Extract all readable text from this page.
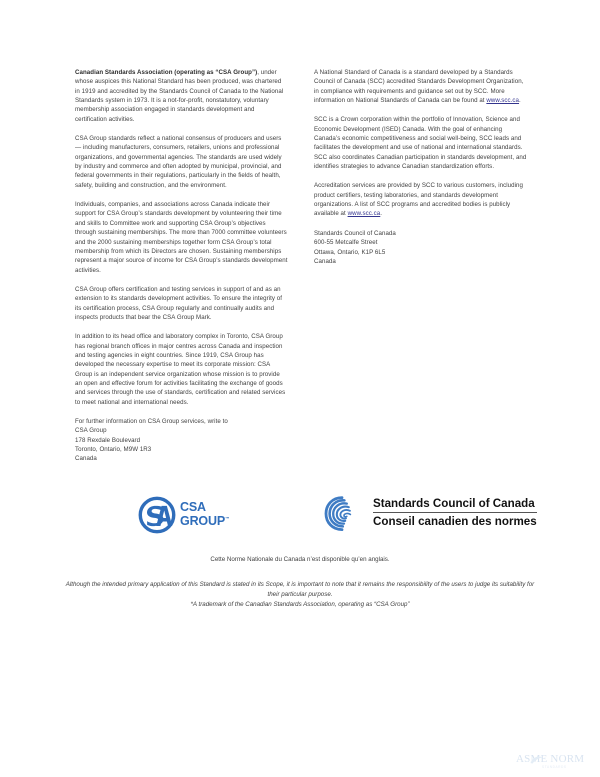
Canadian Standards Association (operating as “CSA Group”), under whose auspices this National Standard has been produced, was chartered in 1919 and accredited by the Standards Council of Canada to the National Standards system in 1973. It is a not-for-profit, nonstatutory, voluntary membership association engaged in standards development and certification activities.

CSA Group standards reflect a national consensus of producers and users — including manufacturers, consumers, retailers, unions and professional organizations, and governmental agencies. The standards are used widely by industry and commerce and often adopted by municipal, provincial, and federal governments in their regulations, particularly in the fields of health, safety, building and construction, and the environment.

Individuals, companies, and associations across Canada indicate their support for CSA Group’s standards development by volunteering their time and skills to Committee work and supporting CSA Group’s objectives through sustaining memberships. The more than 7000 committee volunteers and the 2000 sustaining memberships together form CSA Group’s total membership from which its Directors are chosen. Sustaining memberships represent a major source of income for CSA Group’s standards development activities.

CSA Group offers certification and testing services in support of and as an extension to its standards development activities. To ensure the integrity of its certification process, CSA Group regularly and continually audits and inspects products that bear the CSA Group Mark.

In addition to its head office and laboratory complex in Toronto, CSA Group has regional branch offices in major centres across Canada and inspection and testing agencies in eight countries. Since 1919, CSA Group has developed the necessary expertise to meet its corporate mission: CSA Group is an independent service organization whose mission is to provide an open and effective forum for activities facilitating the exchange of goods and services through the use of standards, certification and related services to meet national and international needs.

For further information on CSA Group services, write to

CSA Group

178 Rexdale Boulevard

Toronto, Ontario, M9W 1R3

Canada

A National Standard of Canada is a standard developed by a Standards Council of Canada (SCC) accredited Standards Development Organization, in compliance with requirements and guidance set out by SCC. More information on National Standards of Canada can be found at www.scc.ca.

SCC is a Crown corporation within the portfolio of Innovation, Science and Economic Development (ISED) Canada. With the goal of enhancing Canada’s economic competitiveness and social well-being, SCC leads and facilitates the development and use of national and international standards. SCC also coordinates Canadian participation in standards development, and identifies strategies to advance Canadian standardization efforts.

Accreditation services are provided by SCC to various customers, including product certifiers, testing laboratories, and standards development organizations. A list of SCC programs and accredited bodies is publicly available at www.scc.ca.

Standards Council of Canada

600-55 Metcalfe Street

Ottawa, Ontario, K1P 6L5

Canada

CSA
GROUP™
Standards Council of Canada
Conseil canadien des normes
Cette Norme Nationale du Canada n’est disponible qu’en anglais.
Although the intended primary application of this Standard is stated in its Scope, it is important to note that it remains the responsibility of the users to judge its suitability for their particular purpose.
*A trademark of the Canadian Standards Association, operating as “CSA Group”
ASME NORM
STANDARDS
